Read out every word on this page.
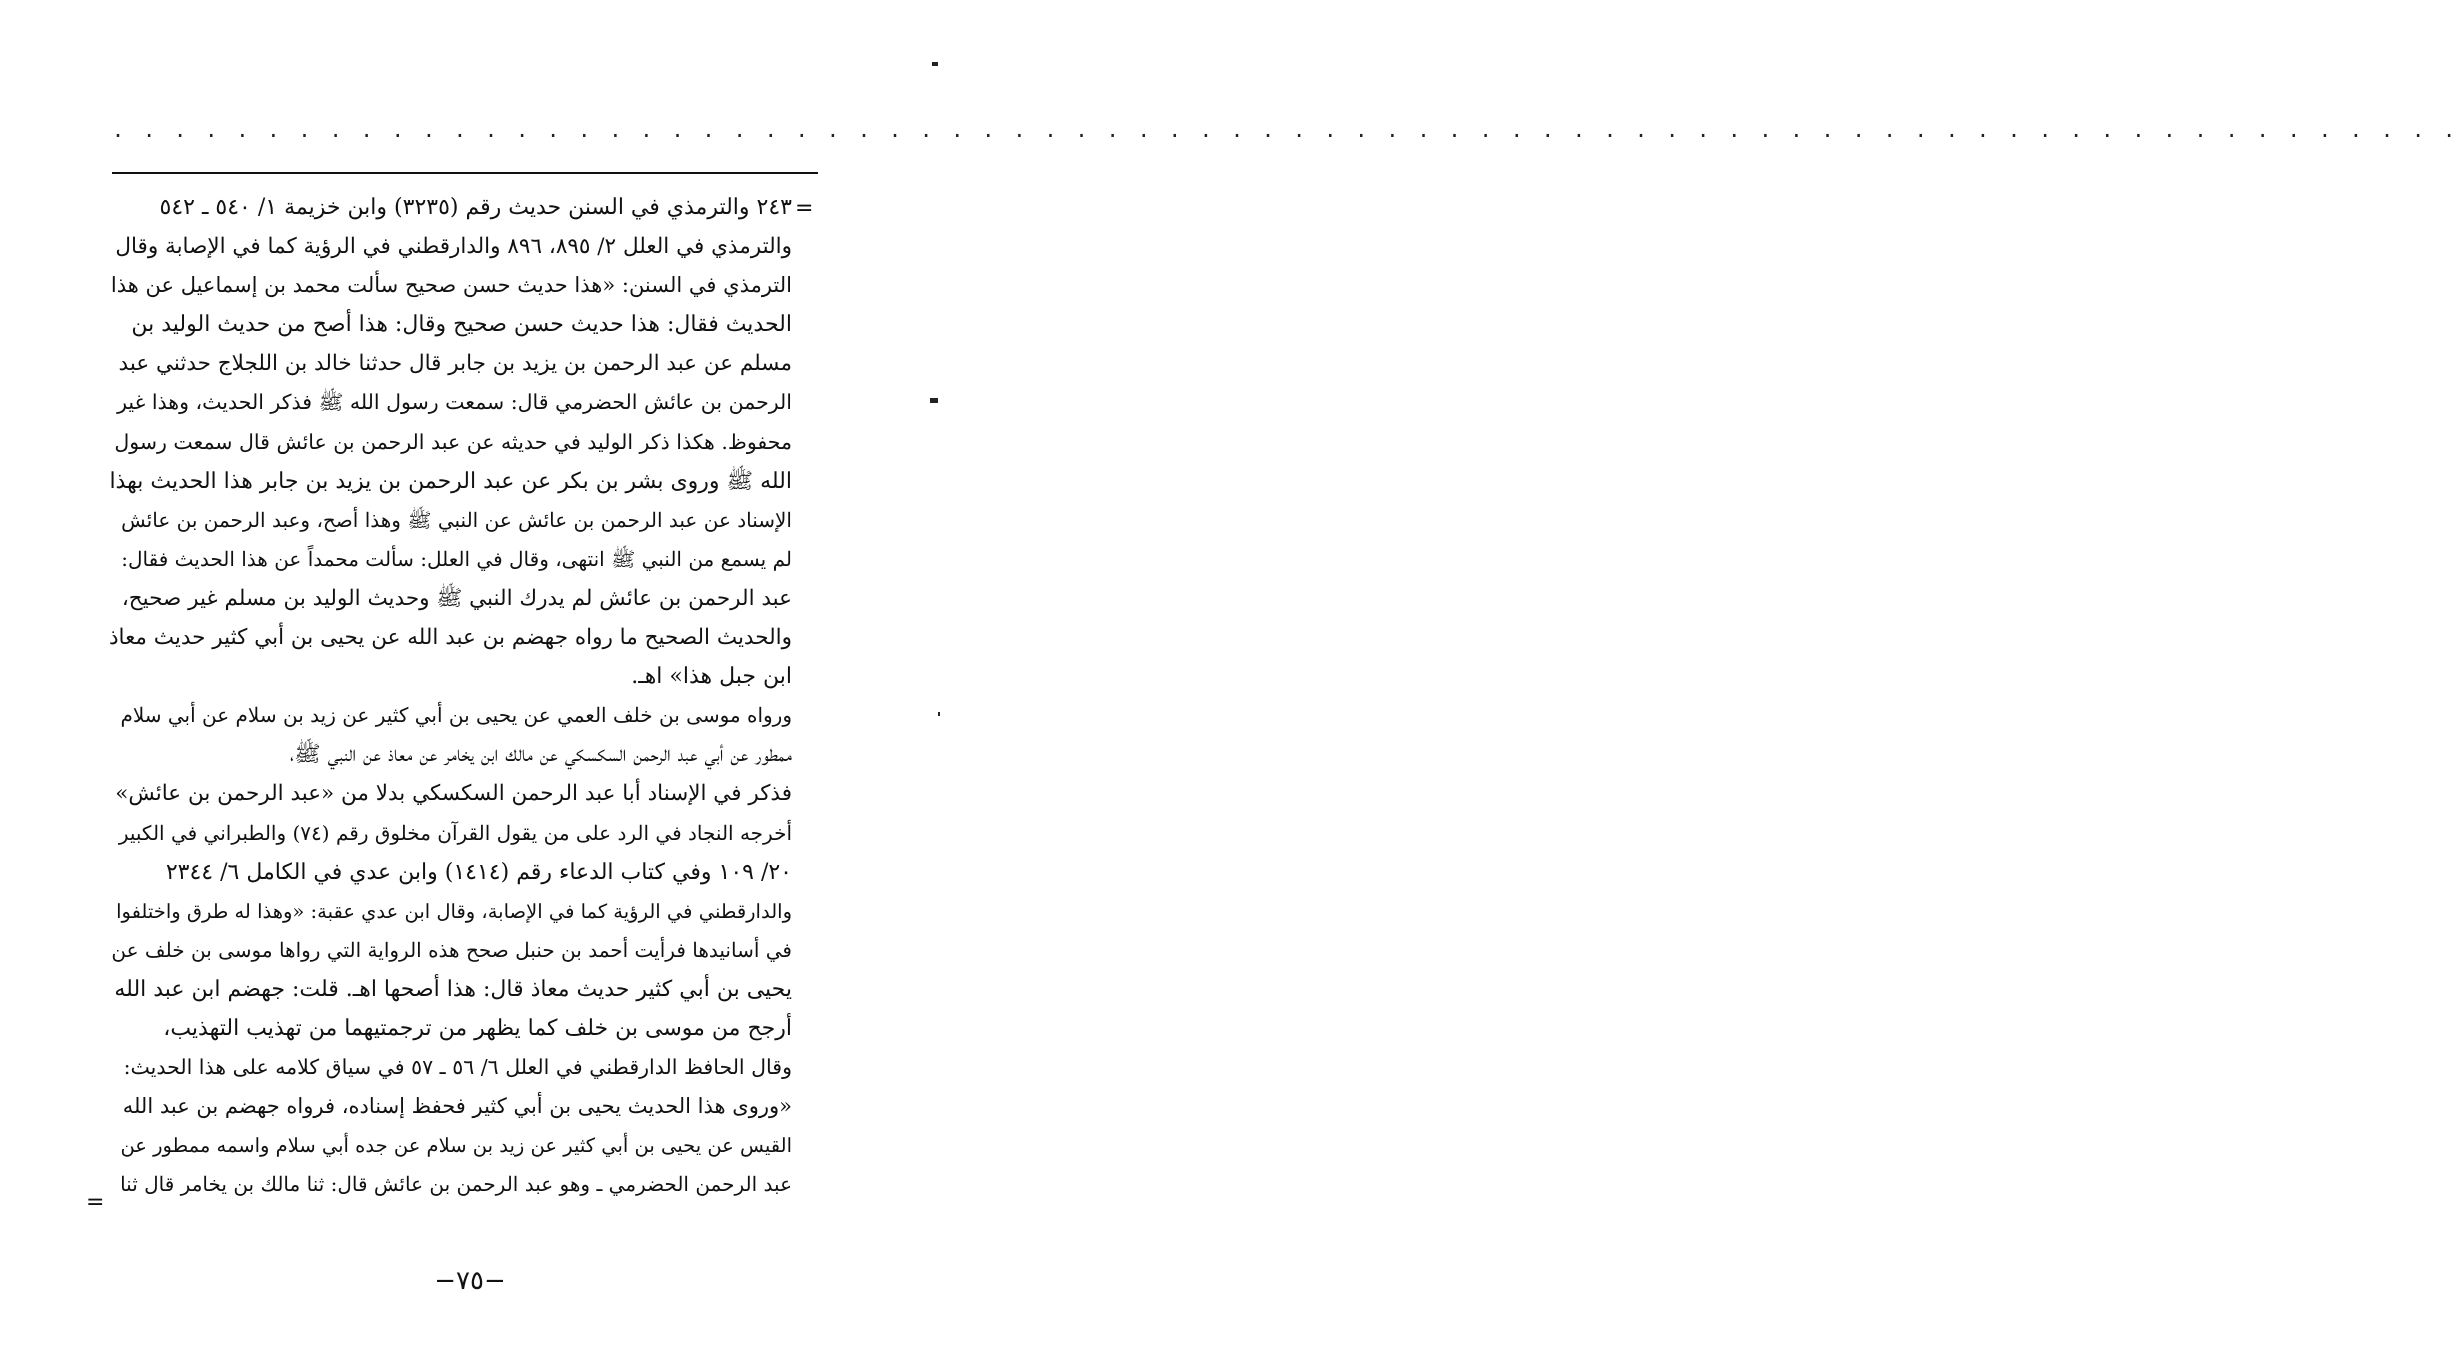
. . . . . . . . . . . . . . . . . . . . . . . . . . . . . . . . . . . . . . . . . . . . . . . . . . . . . . . . . . . . . . . . . . . . . . . . . . . .
=
٢٤٣ والترمذي في السنن حديث رقم (٣٢٣٥) وابن خزيمة ١/ ٥٤٠ ـ ٥٤٢
والترمذي في العلل ٢/ ٨٩٥، ٨٩٦ والدارقطني في الرؤية كما في الإصابة وقال
الترمذي في السنن: «هذا حديث حسن صحيح سألت محمد بن إسماعيل عن هذا
الحديث فقال: هذا حديث حسن صحيح وقال: هذا أصح من حديث الوليد بن
مسلم عن عبد الرحمن بن يزيد بن جابر قال حدثنا خالد بن اللجلاج حدثني عبد
الرحمن بن عائش الحضرمي قال: سمعت رسول الله ﷺ فذكر الحديث، وهذا غير
محفوظ. هكذا ذكر الوليد في حديثه عن عبد الرحمن بن عائش قال سمعت رسول
الله ﷺ وروى بشر بن بكر عن عبد الرحمن بن يزيد بن جابر هذا الحديث بهذا
الإسناد عن عبد الرحمن بن عائش عن النبي ﷺ وهذا أصح، وعبد الرحمن بن عائش
لم يسمع من النبي ﷺ انتهى، وقال في العلل: سألت محمداً عن هذا الحديث فقال:
عبد الرحمن بن عائش لم يدرك النبي ﷺ وحديث الوليد بن مسلم غير صحيح،
والحديث الصحيح ما رواه جهضم بن عبد الله عن يحيى بن أبي كثير حديث معاذ
ابن جبل هذا» اهـ.
ورواه موسى بن خلف العمي عن يحيى بن أبي كثير عن زيد بن سلام عن أبي سلام
ممطور عن أبي عبد الرحمن السكسكي عن مالك ابن يخامر عن معاذ عن النبي ﷺ،
فذكر في الإسناد أبا عبد الرحمن السكسكي بدلا من «عبد الرحمن بن عائش»
أخرجه النجاد في الرد على من يقول القرآن مخلوق رقم (٧٤) والطبراني في الكبير
٢٠/ ١٠٩ وفي كتاب الدعاء رقم (١٤١٤) وابن عدي في الكامل ٦/ ٢٣٤٤
والدارقطني في الرؤية كما في الإصابة، وقال ابن عدي عقبة: «وهذا له طرق واختلفوا
في أسانيدها فرأيت أحمد بن حنبل صحح هذه الرواية التي رواها موسى بن خلف عن
يحيى بن أبي كثير حديث معاذ قال: هذا أصحها اهـ. قلت: جهضم ابن عبد الله
أرجح من موسى بن خلف كما يظهر من ترجمتيهما من تهذيب التهذيب،
وقال الحافظ الدارقطني في العلل ٦/ ٥٦ ـ ٥٧ في سياق كلامه على هذا الحديث:
«وروى هذا الحديث يحيى بن أبي كثير فحفظ إسناده، فرواه جهضم بن عبد الله
القيس عن يحيى بن أبي كثير عن زيد بن سلام عن جده أبي سلام واسمه ممطور عن
عبد الرحمن الحضرمي ـ وهو عبد الرحمن بن عائش قال: ثنا مالك بن يخامر قال ثنا
=
−٧٥−
